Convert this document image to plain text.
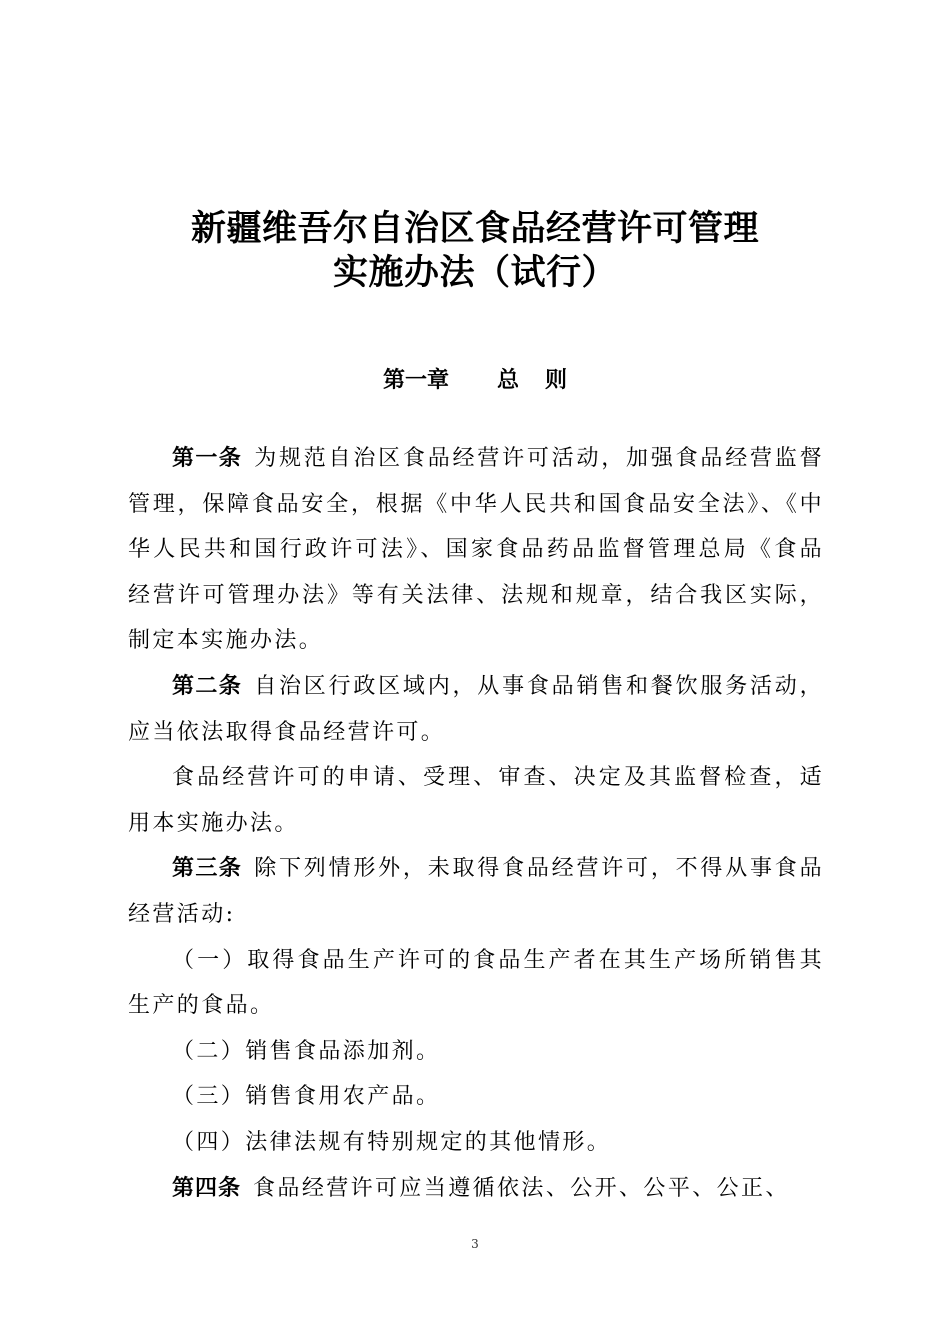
新疆维吾尔自治区食品经营许可管理
实施办法（试行）
第一章 总 则

第一条 为规范自治区食品经营许可活动，加强食品经营监督管理，保障食品安全，根据《中华人民共和国食品安全法》、《中华人民共和国行政许可法》、国家食品药品监督管理总局《食品经营许可管理办法》等有关法律、法规和规章，结合我区实际，制定本实施办法。

第二条 自治区行政区域内，从事食品销售和餐饮服务活动，应当依法取得食品经营许可。

食品经营许可的申请、受理、审查、决定及其监督检查，适用本实施办法。

第三条 除下列情形外，未取得食品经营许可，不得从事食品经营活动:

（一）取得食品生产许可的食品生产者在其生产场所销售其生产的食品。

（二）销售食品添加剂。

（三）销售食用农产品。

（四）法律法规有特别规定的其他情形。

第四条 食品经营许可应当遵循依法、公开、公平、公正、

3
